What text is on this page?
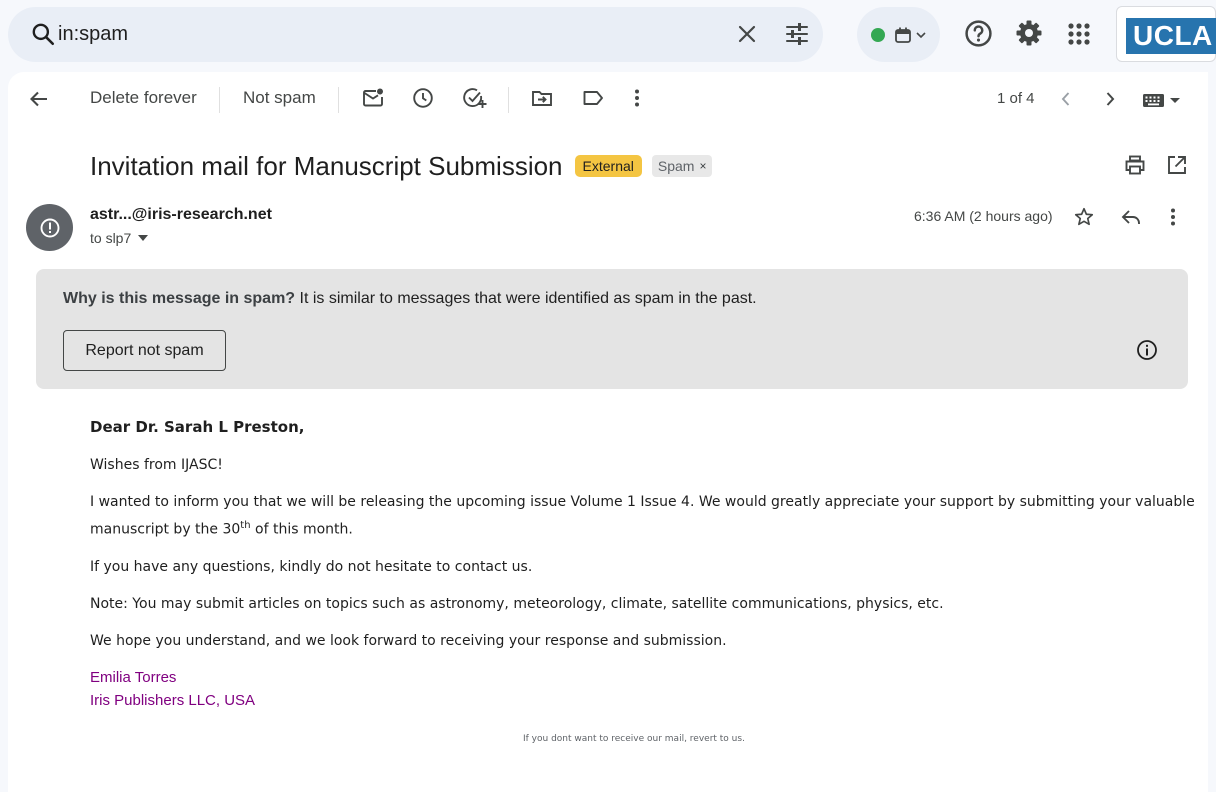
in:spam	UCLA
Delete forever	Not spam	1 of 4
Invitation mail for Manuscript Submission	External	Spam ×
astr...@iris-research.net
to slp7
6:36 AM (2 hours ago)

Why is this message in spam? It is similar to messages that were identified as spam in the past.

Report not spam

Dear Dr. Sarah L Preston,

Wishes from IJASC!

I wanted to inform you that we will be releasing the upcoming issue Volume 1 Issue 4. We would greatly appreciate your support by submitting your valuable manuscript by the 30th of this month.

If you have any questions, kindly do not hesitate to contact us.

Note: You may submit articles on topics such as astronomy, meteorology, climate, satellite communications, physics, etc.

We hope you understand, and we look forward to receiving your response and submission.

Emilia Torres
Iris Publishers LLC, USA

If you dont want to receive our mail, revert to us.
